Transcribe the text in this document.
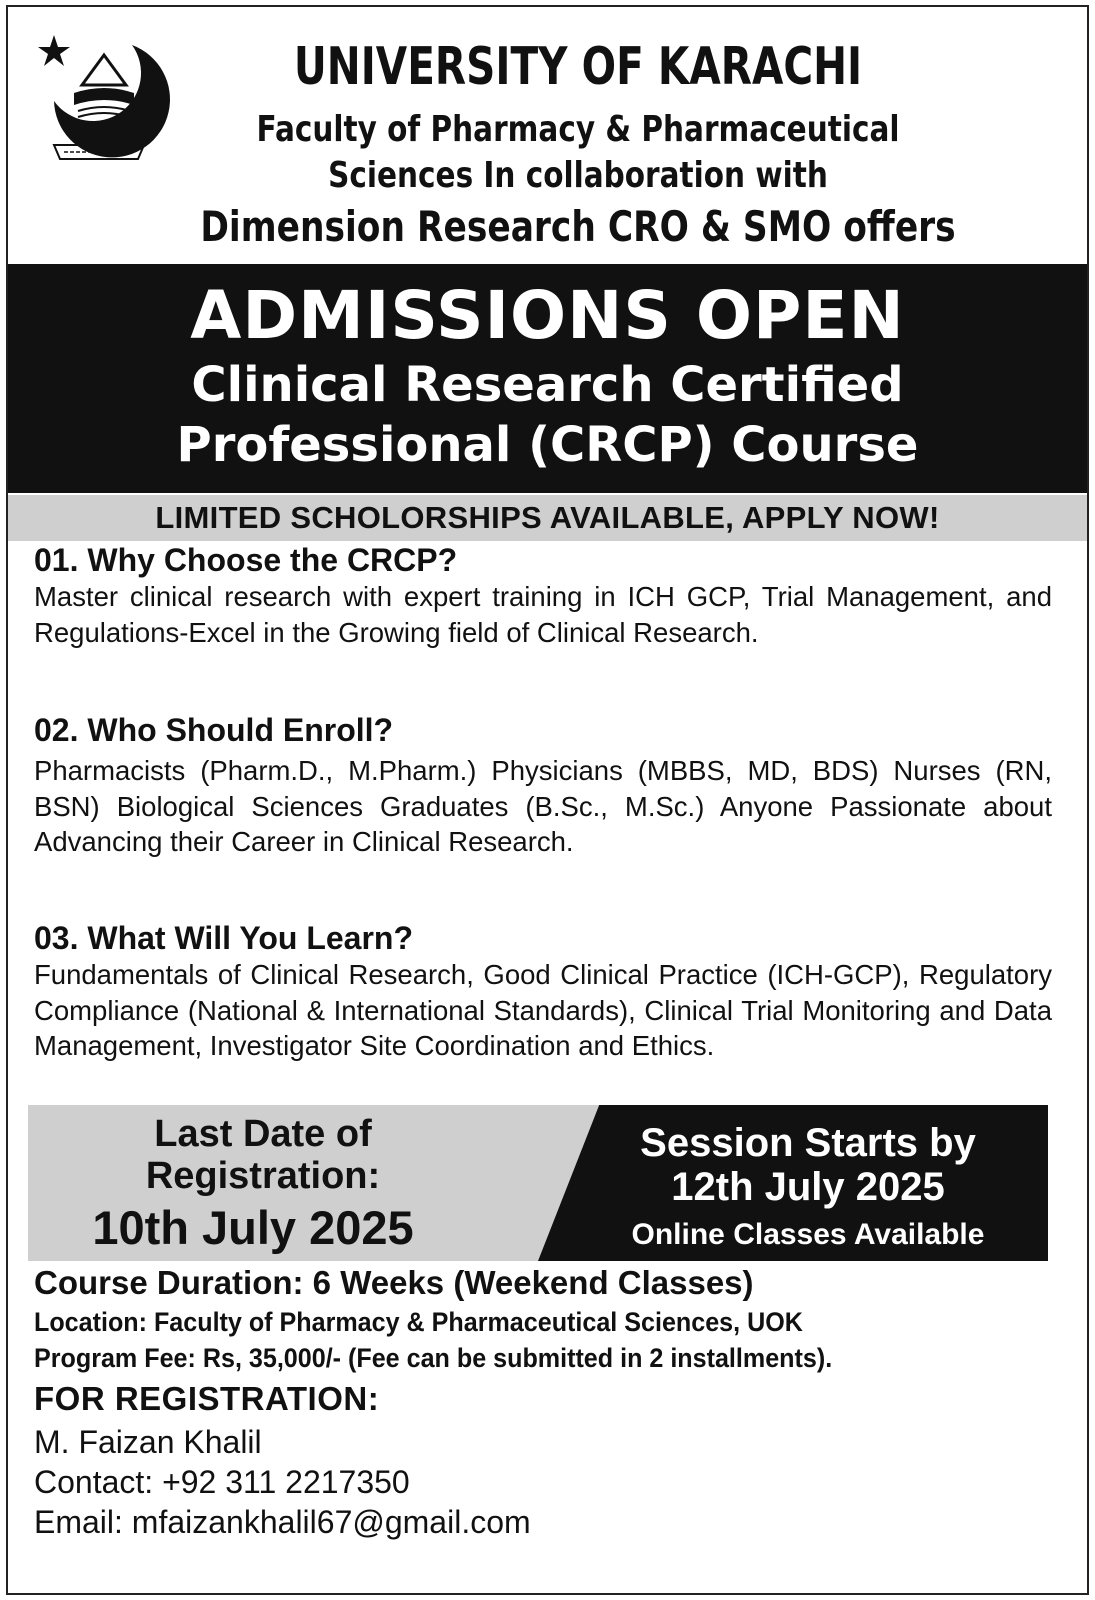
UNIVERSITY OF KARACHI
Faculty of Pharmacy & Pharmaceutical
Sciences In collaboration with
Dimension Research CRO & SMO offers
ADMISSIONS OPEN
Clinical Research Certified
Professional (CRCP) Course
LIMITED SCHOLORSHIPS AVAILABLE, APPLY NOW!
01. Why Choose the CRCP?
Master clinical research with expert training in ICH GCP, Trial Management, and Regulations-Excel in the Growing field of Clinical Research.
02. Who Should Enroll?
Pharmacists (Pharm.D., M.Pharm.) Physicians (MBBS, MD, BDS) Nurses (RN, BSN) Biological Sciences Graduates (B.Sc., M.Sc.) Anyone Passionate about Advancing their Career in Clinical Research.
03. What Will You Learn?
Fundamentals of Clinical Research, Good Clinical Practice (ICH-GCP), Regulatory Compliance (National & International Standards), Clinical Trial Monitoring and Data Management, Investigator Site Coordination and Ethics.
Last Date of
Registration:
10th July 2025
Session Starts by
12th July 2025
Online Classes Available
Course Duration: 6 Weeks (Weekend Classes)
Location: Faculty of Pharmacy & Pharmaceutical Sciences, UOK
Program Fee: Rs, 35,000/- (Fee can be submitted in 2 installments).
FOR REGISTRATION:
M. Faizan Khalil
Contact: +92 311 2217350
Email: mfaizankhalil67@gmail.com
